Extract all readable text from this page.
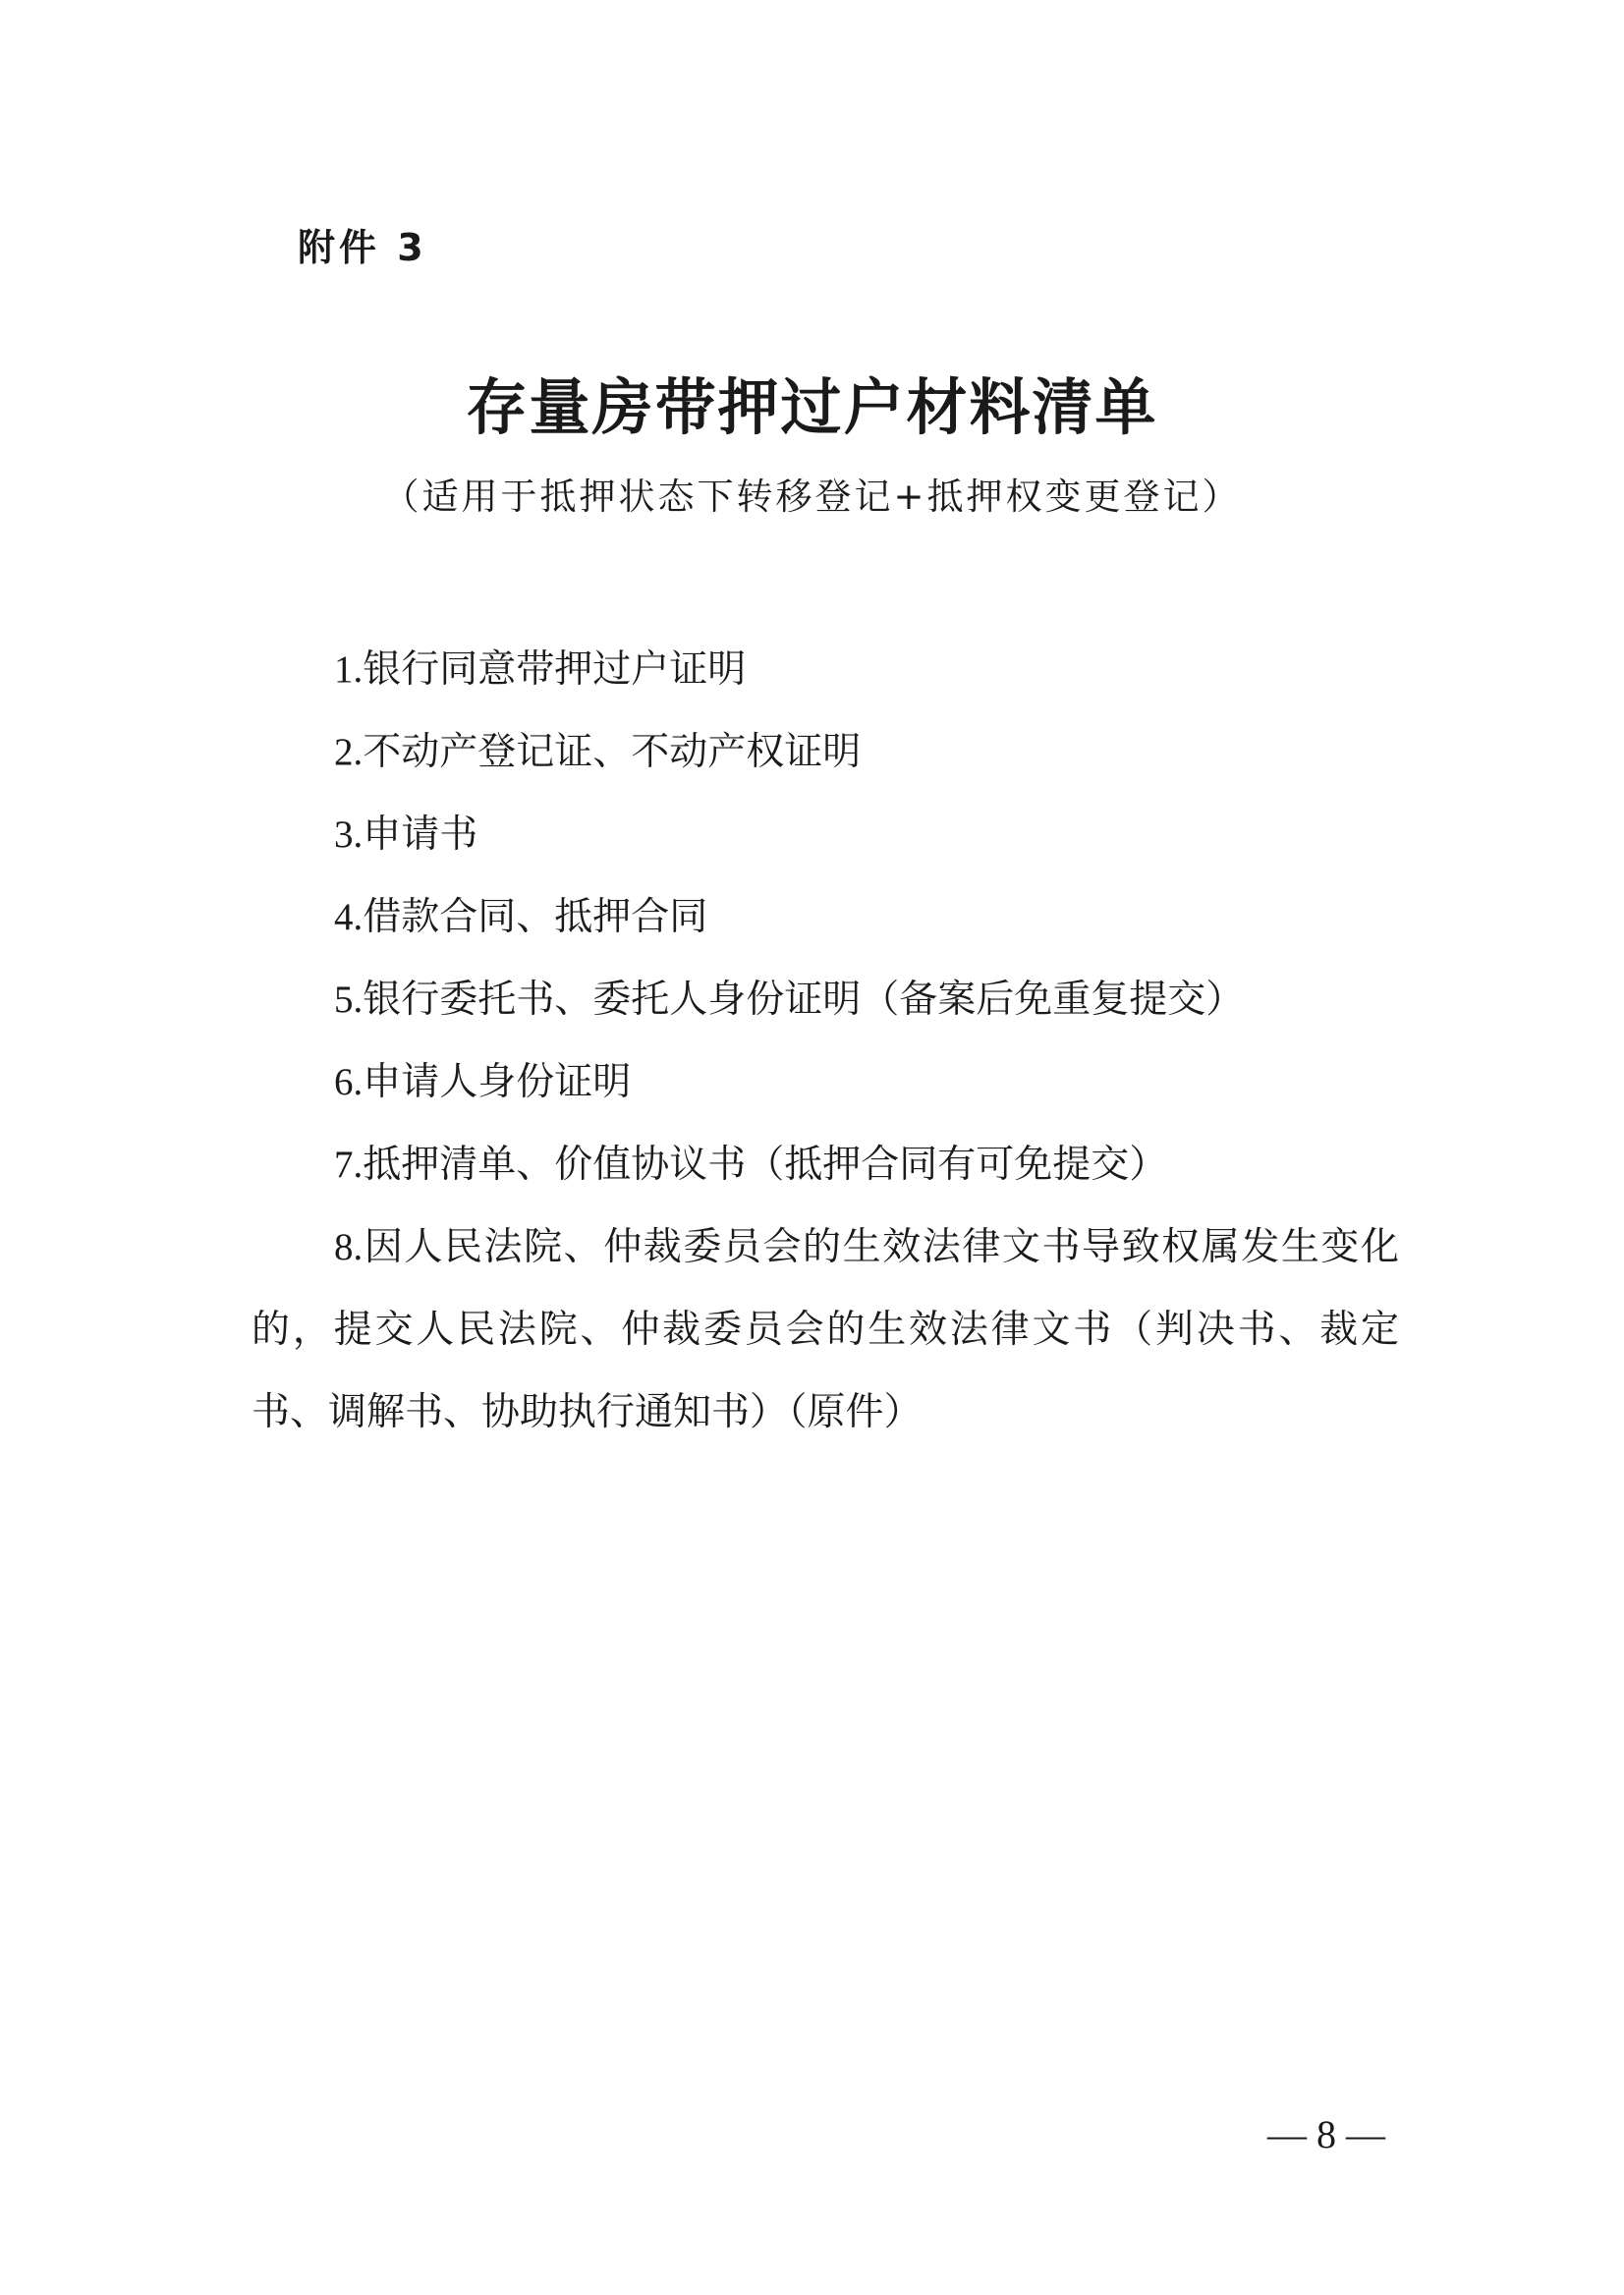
附件 3
存量房带押过户材料清单
（适用于抵押状态下转移登记+抵押权变更登记）
1.银行同意带押过户证明
2.不动产登记证、不动产权证明
3.申请书
4.借款合同、抵押合同
5.银行委托书、委托人身份证明（备案后免重复提交）
6.申请人身份证明
7.抵押清单、价值协议书（抵押合同有可免提交）
8.因人民法院、仲裁委员会的生效法律文书导致权属发生变化的，提交人民法院、仲裁委员会的生效法律文书（判决书、裁定书、调解书、协助执行通知书）（原件）
— 8 —
